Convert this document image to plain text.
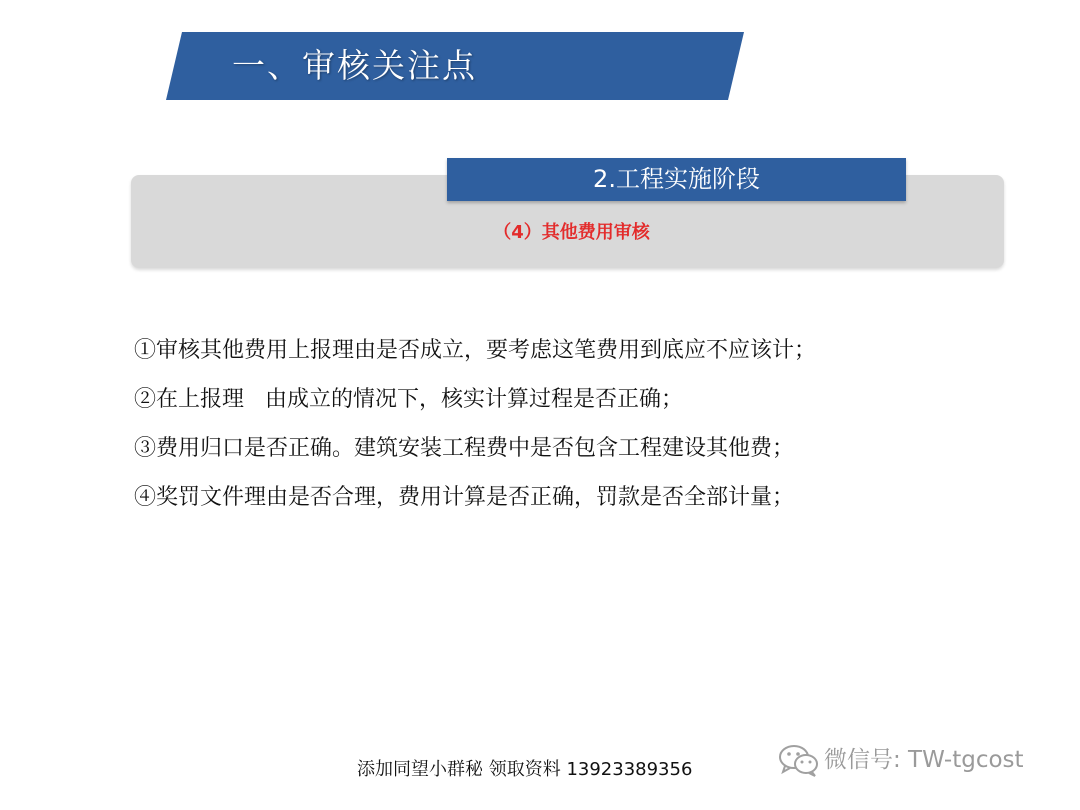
一、审核关注点
2.工程实施阶段
（4）其他费用审核
①审核其他费用上报理由是否成立，要考虑这笔费用到底应不应该计；
②在上报理   由成立的情况下，核实计算过程是否正确；
③费用归口是否正确。建筑安装工程费中是否包含工程建设其他费；
④奖罚文件理由是否合理，费用计算是否正确，罚款是否全部计量；
添加同望小群秘 领取资料 13923389356	微信号: TW-tgcost
